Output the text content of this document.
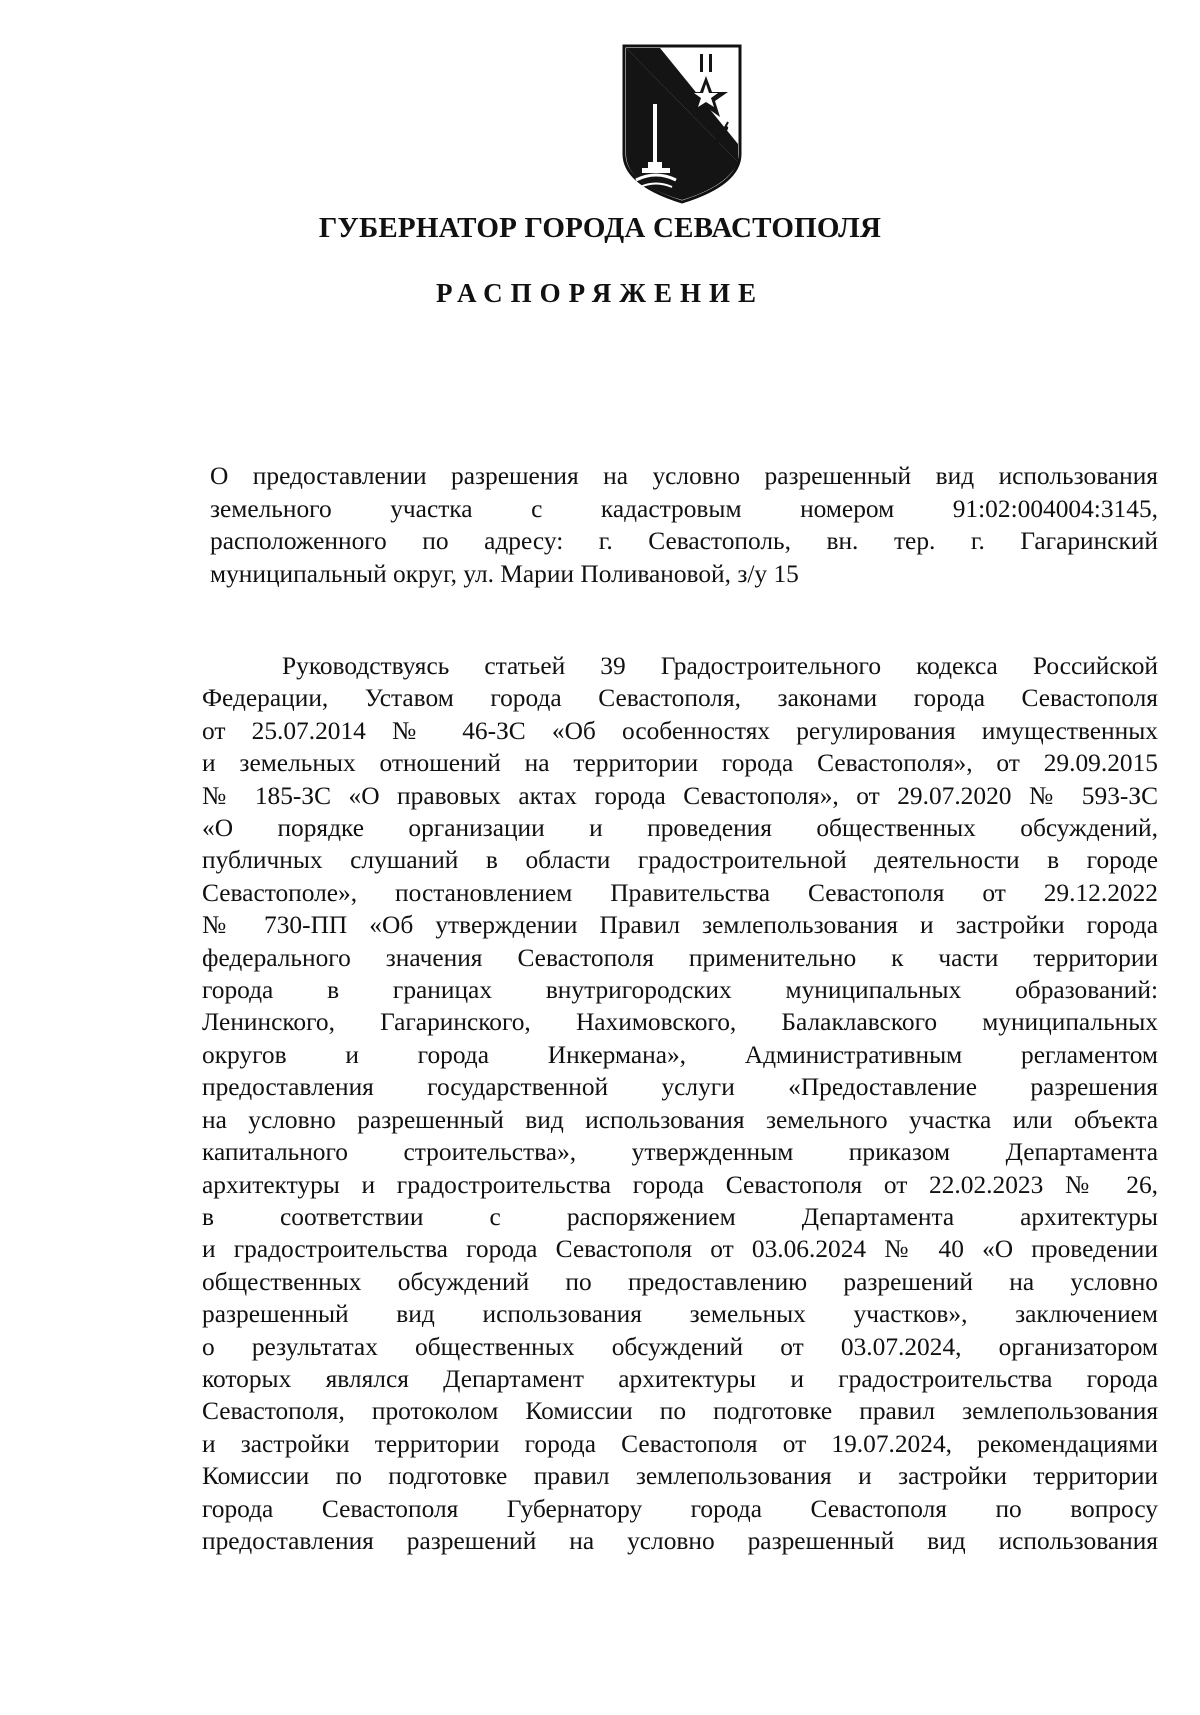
ГУБЕРНАТОР ГОРОДА СЕВАСТОПОЛЯ
РАСПОРЯЖЕНИЕ
О предоставлении разрешения на условно разрешенный вид использования
земельного участка с кадастровым номером 91:02:004004:3145,
расположенного по адресу: г. Севастополь, вн. тер. г. Гагаринский
муниципальный округ, ул. Марии Поливановой, з/у 15
Руководствуясь статьей 39 Градостроительного кодекса Российской
Федерации, Уставом города Севастополя, законами города Севастополя
от 25.07.2014 № 46-ЗС «Об особенностях регулирования имущественных
и земельных отношений на территории города Севастополя», от 29.09.2015
№ 185-ЗС «О правовых актах города Севастополя», от 29.07.2020 № 593-ЗС
«О порядке организации и проведения общественных обсуждений,
публичных слушаний в области градостроительной деятельности в городе
Севастополе», постановлением Правительства Севастополя от 29.12.2022
№ 730-ПП «Об утверждении Правил землепользования и застройки города
федерального значения Севастополя применительно к части территории
города в границах внутригородских муниципальных образований:
Ленинского, Гагаринского, Нахимовского, Балаклавского муниципальных
округов и города Инкермана», Административным регламентом
предоставления государственной услуги «Предоставление разрешения
на условно разрешенный вид использования земельного участка или объекта
капитального строительства», утвержденным приказом Департамента
архитектуры и градостроительства города Севастополя от 22.02.2023 № 26,
в соответствии с распоряжением Департамента архитектуры
и градостроительства города Севастополя от 03.06.2024 № 40 «О проведении
общественных обсуждений по предоставлению разрешений на условно
разрешенный вид использования земельных участков», заключением
о результатах общественных обсуждений от 03.07.2024, организатором
которых являлся Департамент архитектуры и градостроительства города
Севастополя, протоколом Комиссии по подготовке правил землепользования
и застройки территории города Севастополя от 19.07.2024, рекомендациями
Комиссии по подготовке правил землепользования и застройки территории
города Севастополя Губернатору города Севастополя по вопросу
предоставления разрешений на условно разрешенный вид использования
